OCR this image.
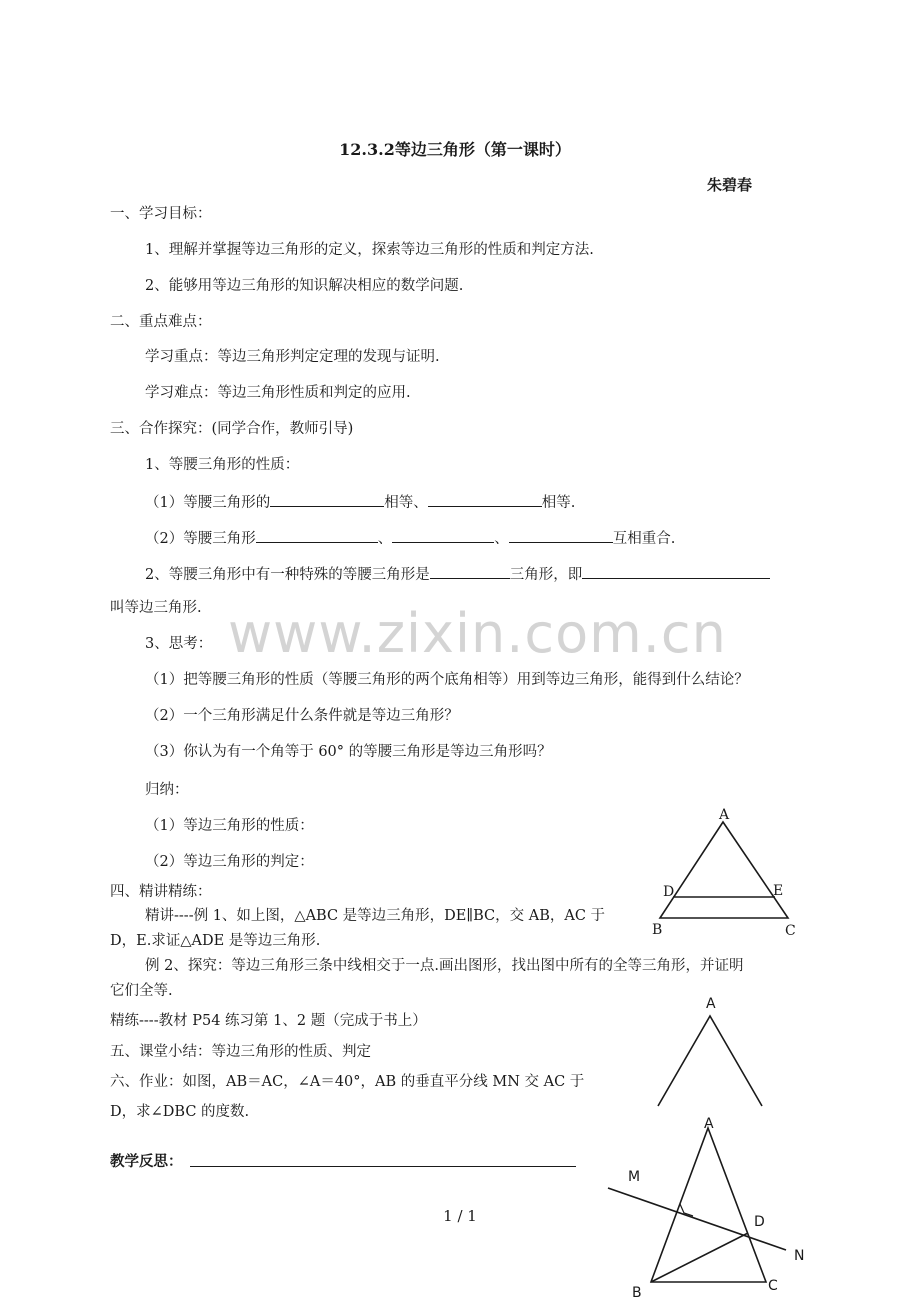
www.zixin.com.cn
12.3.2等边三角形（第一课时）
朱碧春
一、学习目标：
1、理解并掌握等边三角形的定义，探索等边三角形的性质和判定方法.
2、能够用等边三角形的知识解决相应的数学问题.
二、重点难点：
学习重点：等边三角形判定定理的发现与证明.
学习难点：等边三角形性质和判定的应用.
三、合作探究：(同学合作，教师引导)
1、等腰三角形的性质：
（1）等腰三角形的	相等、	相等.
（2）等腰三角形	、	、	互相重合.
2、等腰三角形中有一种特殊的等腰三角形是	三角形，即
叫等边三角形.
3、思考：
（1）把等腰三角形的性质（等腰三角形的两个底角相等）用到等边三角形，能得到什么结论？
（2）一个三角形满足什么条件就是等边三角形？
（3）你认为有一个角等于 60° 的等腰三角形是等边三角形吗？
归纳：
（1）等边三角形的性质：
（2）等边三角形的判定：
四、精讲精练：
精讲----例 1、如上图，△ABC 是等边三角形，DE∥BC，交 AB，AC 于
D，E.求证△ADE 是等边三角形.
例 2、探究：等边三角形三条中线相交于一点.画出图形，找出图中所有的全等三角形，并证明
它们全等.
精练----教材 P54 练习第 1、2 题（完成于书上）
五、课堂小结：等边三角形的性质、判定
六、作业：如图，AB＝AC，∠A＝40°，AB 的垂直平分线 MN 交 AC 于
D，求∠DBC 的度数.
教学反思：
1 / 1
A
D	E
B	C
A
A
M
D
N
B	C
